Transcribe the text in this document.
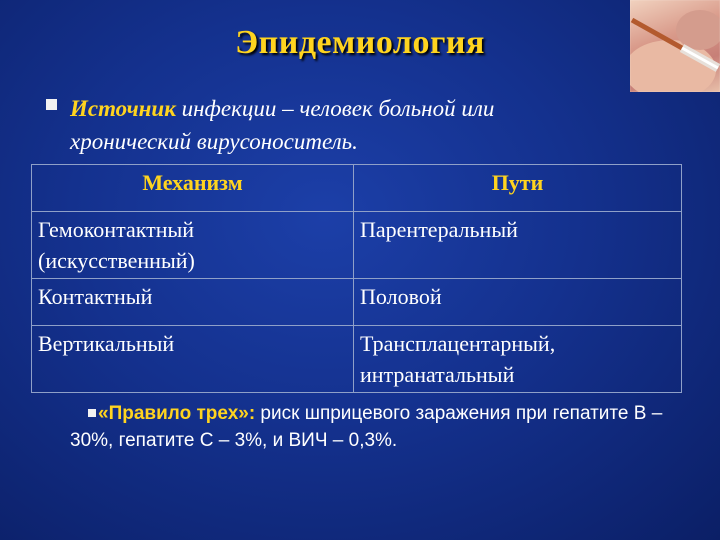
Эпидемиология
Источник инфекции – человек больной или
хронический вирусоноситель.
Механизм	Пути
Гемоконтактный (искусственный)	Парентеральный
Контактный	Половой
Вертикальный	Трансплацентарный, интранатальный
«Правило трех»: риск шприцевого заражения при гепатите В – 30%, гепатите С – 3%, и ВИЧ – 0,3%.
